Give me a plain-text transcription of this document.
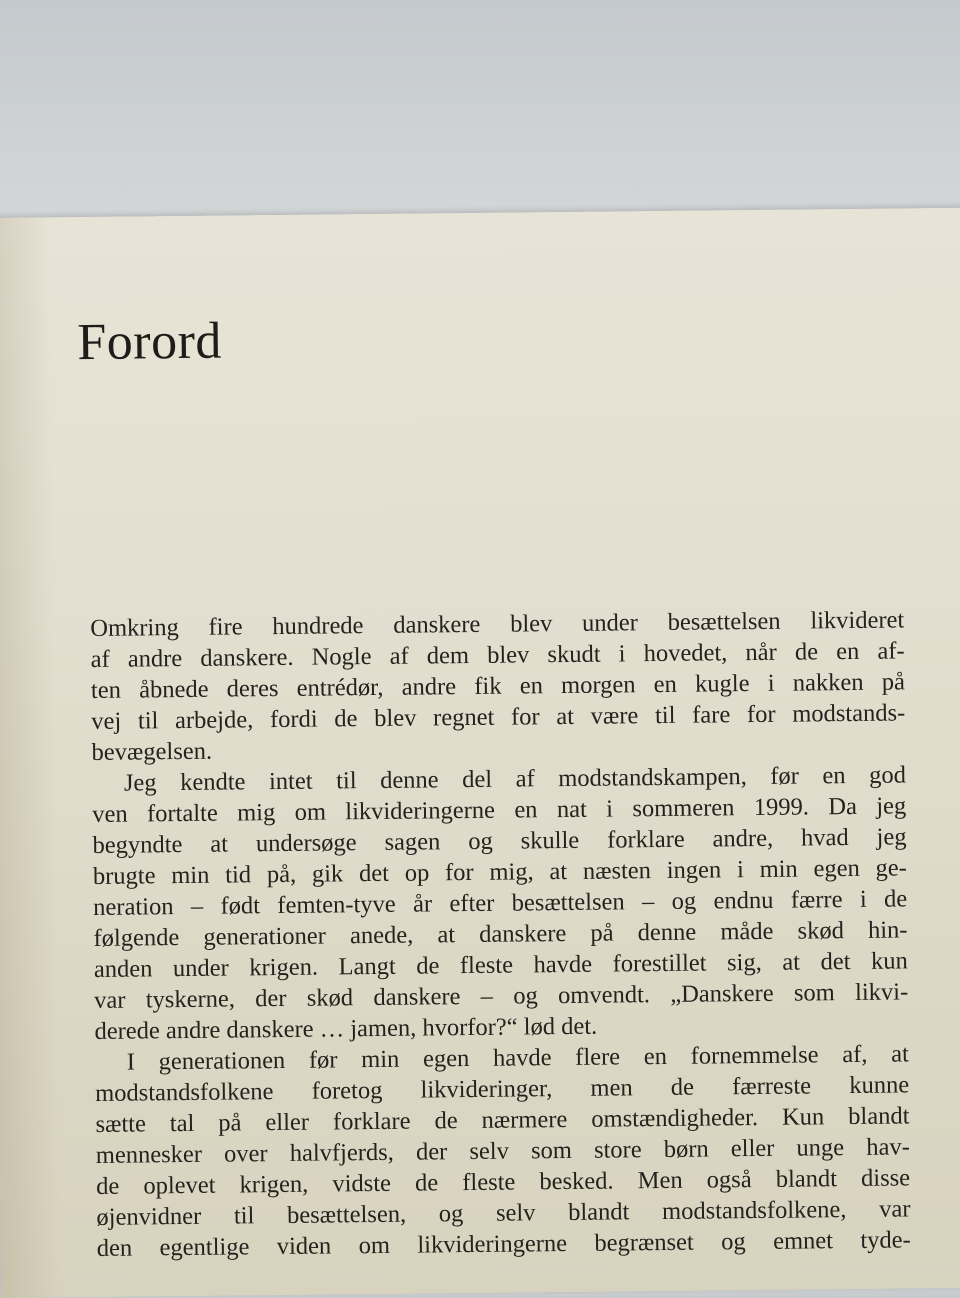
Forord

Omkring fire hundrede danskere blev under besættelsen likvideret
af andre danskere. Nogle af dem blev skudt i hovedet, når de en af-
ten åbnede deres entrédør, andre fik en morgen en kugle i nakken på
vej til arbejde, fordi de blev regnet for at være til fare for modstands-
bevægelsen.

Jeg kendte intet til denne del af modstandskampen, før en god
ven fortalte mig om likvideringerne en nat i sommeren 1999. Da jeg
begyndte at undersøge sagen og skulle forklare andre, hvad jeg
brugte min tid på, gik det op for mig, at næsten ingen i min egen ge-
neration – født femten-tyve år efter besættelsen – og endnu færre i de
følgende generationer anede, at danskere på denne måde skød hin-
anden under krigen. Langt de fleste havde forestillet sig, at det kun
var tyskerne, der skød danskere – og omvendt. „Danskere som likvi-
derede andre danskere … jamen, hvorfor?“ lød det.

I generationen før min egen havde flere en fornemmelse af, at
modstandsfolkene foretog likvideringer, men de færreste kunne
sætte tal på eller forklare de nærmere omstændigheder. Kun blandt
mennesker over halvfjerds, der selv som store børn eller unge hav-
de oplevet krigen, vidste de fleste besked. Men også blandt disse
øjenvidner til besættelsen, og selv blandt modstandsfolkene, var
den egentlige viden om likvideringerne begrænset og emnet tyde-
